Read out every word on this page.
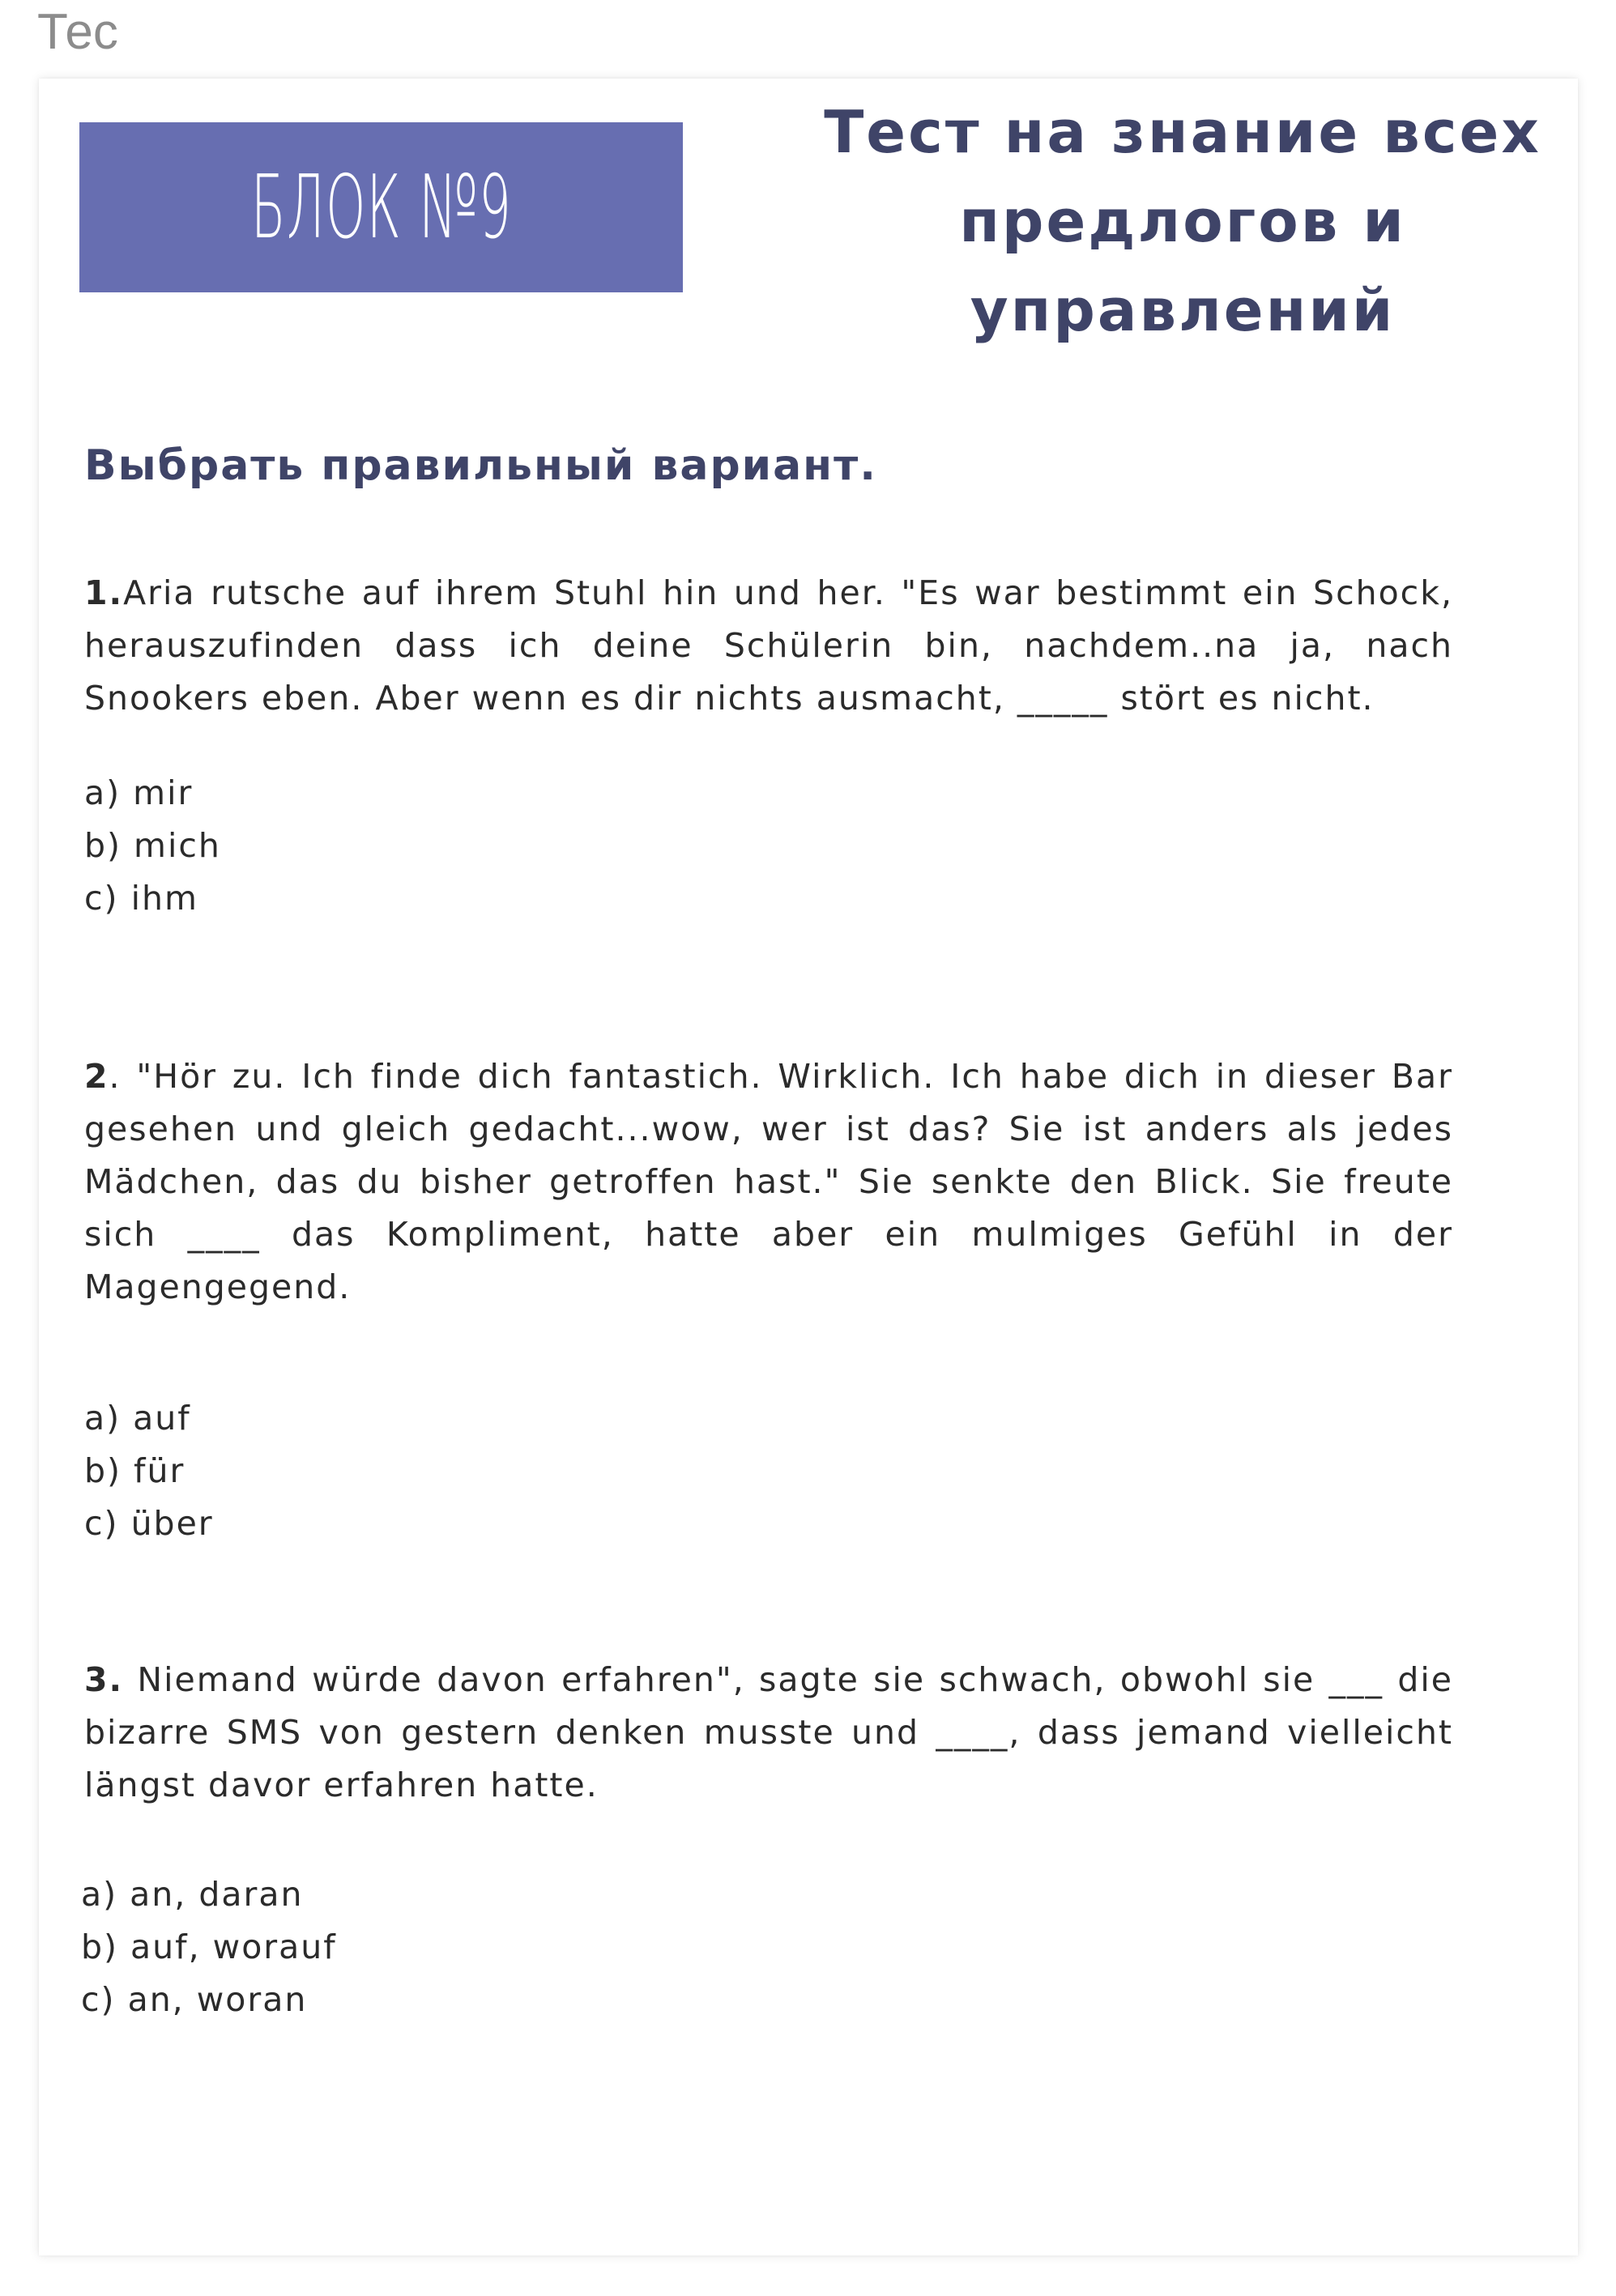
Тес
БЛОК №9
Тест на знание всех предлогов и управлений
Выбрать правильный вариант.
1.Aria rutsche auf ihrem Stuhl hin und her. "Es war bestimmt ein Schock, herauszufinden dass ich deine Schülerin bin, nachdem..na ja, nach Snookers eben. Aber wenn es dir nichts ausmacht, _____ stört es nicht.
a) mir
b) mich
c) ihm
2. "Hör zu. Ich finde dich fantastich. Wirklich. Ich habe dich in dieser Bar gesehen und gleich gedacht...wow, wer ist das? Sie ist anders als jedes Mädchen, das du bisher getroffen hast." Sie senkte den Blick. Sie freute sich ____ das Kompliment, hatte aber ein mulmiges Gefühl in der Magengegend.
a) auf
b) für
c) über
3. Niemand würde davon erfahren", sagte sie schwach, obwohl sie ___ die bizarre SMS von gestern denken musste und ____, dass jemand vielleicht längst davor erfahren hatte.
a) an, daran
b) auf, worauf
c) an, woran
